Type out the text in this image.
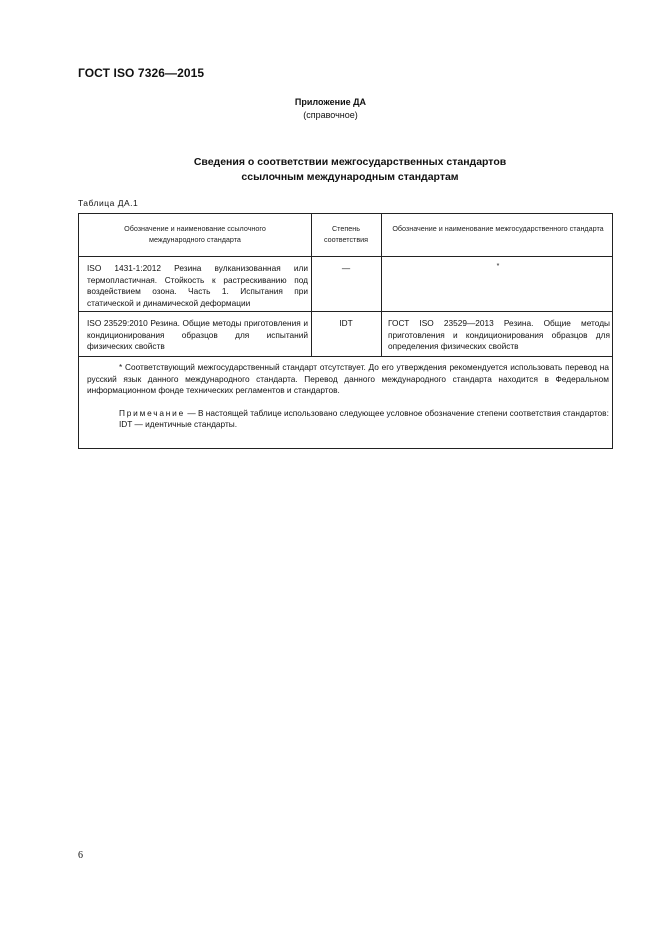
ГОСТ ISO 7326—2015
Приложение ДА
(справочное)
Сведения о соответствии межгосударственных стандартов
ссылочным международным стандартам
Таблица ДА.1
Обозначение и наименование ссылочного международного стандарта
Степень соответствия
Обозначение и наименование межгосударственного стандарта
ISO 1431-1:2012 Резина вулканизованная или термопластичная. Стойкость к растрескиванию под воздействием озона. Часть 1. Испытания при статической и динамической деформации
—	*
ISO 23529:2010 Резина. Общие методы приготовления и кондиционирования образцов для испытаний физических свойств
IDT	ГОСТ ISO 23529—2013 Резина. Общие методы приготовления и кондиционирования образцов для определения физических свойств

* Соответствующий межгосударственный стандарт отсутствует. До его утверждения рекомендуется использовать перевод на русский язык данного международного стандарта. Перевод данного международного стандарта находится в Федеральном информационном фонде технических регламентов и стандартов.

Примечание — В настоящей таблице использовано следующее условное обозначение степени соответствия стандартов:

IDT — идентичные стандарты.

6
